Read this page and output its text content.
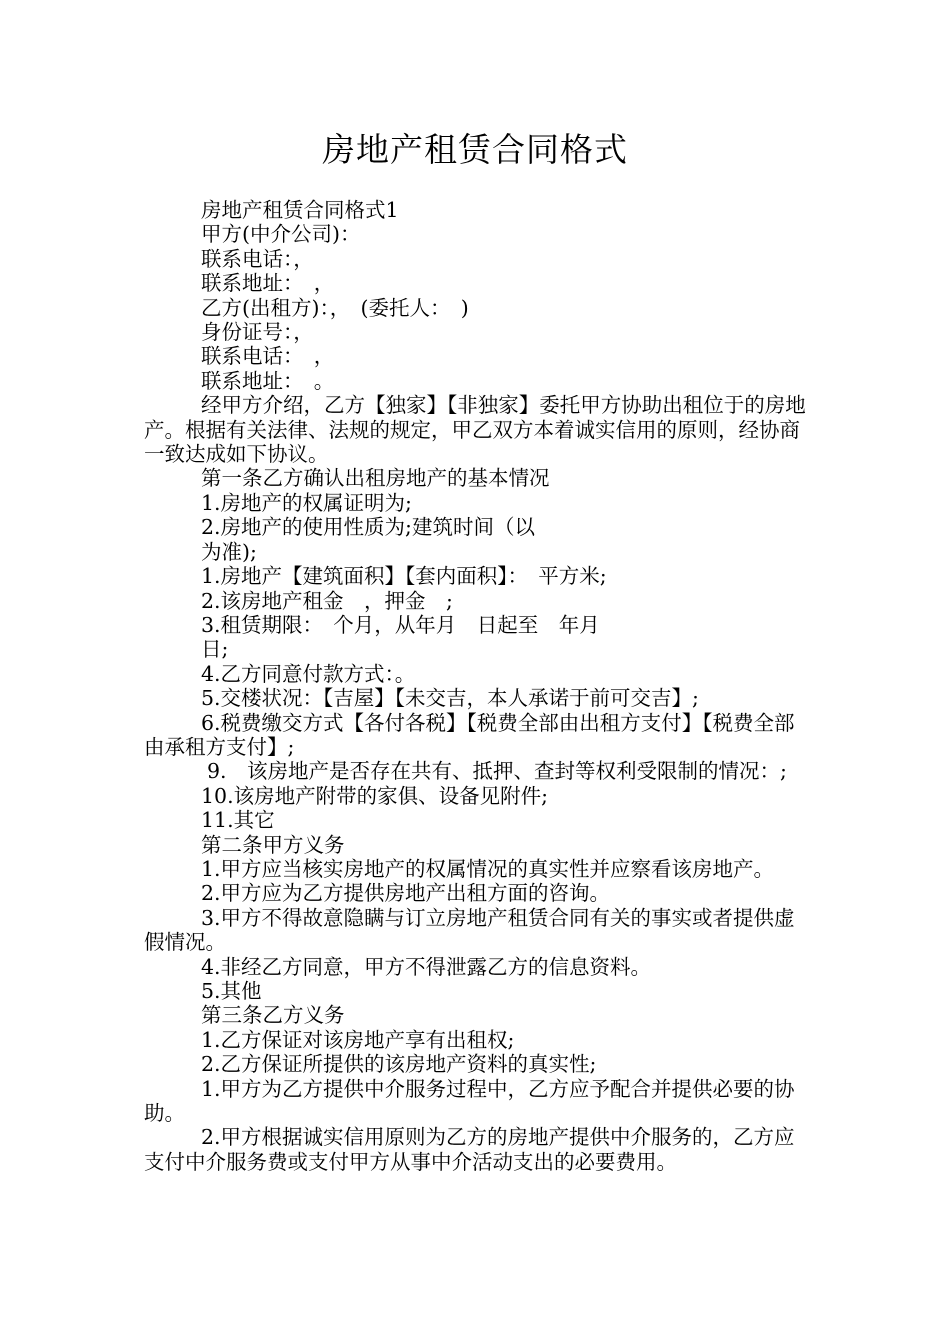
房地产租赁合同格式

房地产租赁合同格式1

甲方(中介公司)：

联系电话：，

联系地址：　，

乙方(出租方)：，　(委托人：　)

身份证号：，

联系电话：　，

联系地址：　。

经甲方介绍，乙方【独家】【非独家】委托甲方协助出租位于的房地产。根据有关法律、法规的规定，甲乙双方本着诚实信用的原则，经协商一致达成如下协议。

第一条乙方确认出租房地产的基本情况

1.房地产的权属证明为;

2.房地产的使用性质为;建筑时间（以

为准);

1.房地产【建筑面积】【套内面积】：　平方米;

2.该房地产租金　，押金　;

3.租赁期限：　个月，从年月　日起至　年月

日;

4.乙方同意付款方式：。

5.交楼状况：【吉屋】【未交吉，本人承诺于前可交吉】;

6.税费缴交方式【各付各税】【税费全部由出租方支付】【税费全部由承租方支付】;

9.　该房地产是否存在共有、抵押、查封等权利受限制的情况：;

10.该房地产附带的家俱、设备见附件;

11.其它

第二条甲方义务

1.甲方应当核实房地产的权属情况的真实性并应察看该房地产。

2.甲方应为乙方提供房地产出租方面的咨询。

3.甲方不得故意隐瞒与订立房地产租赁合同有关的事实或者提供虚假情况。

4.非经乙方同意，甲方不得泄露乙方的信息资料。

5.其他

第三条乙方义务

1.乙方保证对该房地产享有出租权;

2.乙方保证所提供的该房地产资料的真实性;

1.甲方为乙方提供中介服务过程中，乙方应予配合并提供必要的协助。

2.甲方根据诚实信用原则为乙方的房地产提供中介服务的，乙方应支付中介服务费或支付甲方从事中介活动支出的必要费用。
